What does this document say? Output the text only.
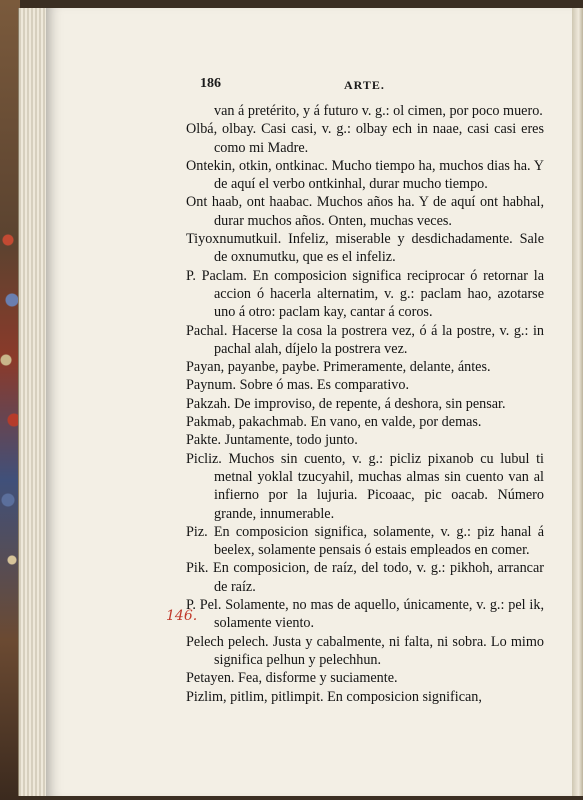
186	ARTE.
146.

van á pretérito, y á futuro v. g.: ol cimen, por poco muero.

Olbá, olbay. Casi casi, v. g.: olbay ech in naae, casi casi eres como mi Madre.

Ontekin, otkin, ontkinac. Mucho tiempo ha, muchos dias ha. Y de aquí el verbo ontkinhal, durar mucho tiempo.

Ont haab, ont haabac. Muchos años ha. Y de aquí ont habhal, durar muchos años. Onten, muchas veces.

Tiyoxnumutkuil. Infeliz, miserable y desdichadamente. Sale de oxnumutku, que es el infeliz.

P. Paclam. En composicion significa reciprocar ó retornar la accion ó hacerla alternatim, v. g.: paclam hao, azotarse uno á otro: paclam kay, cantar á coros.

Pachal. Hacerse la cosa la postrera vez, ó á la postre, v. g.: in pachal alah, díjelo la postrera vez.

Payan, payanbe, paybe. Primeramente, delante, ántes.

Paynum. Sobre ó mas. Es comparativo.

Pakzah. De improviso, de repente, á deshora, sin pensar.

Pakmab, pakachmab. En vano, en valde, por demas.

Pakte. Juntamente, todo junto.

Picliz. Muchos sin cuento, v. g.: picliz pixanob cu lubul ti metnal yoklal tzucyahil, muchas almas sin cuento van al infierno por la lujuria. Picoaac, pic oacab. Número grande, innumerable.

Piz. En composicion significa, solamente, v. g.: piz hanal á beelex, solamente pensais ó estais empleados en comer.

Pik. En composicion, de raíz, del todo, v. g.: pikhoh, arrancar de raíz.

P. Pel. Solamente, no mas de aquello, únicamente, v. g.: pel ik, solamente viento.

Pelech pelech. Justa y cabalmente, ni falta, ni sobra. Lo mimo significa pelhun y pelechhun.

Petayen. Fea, disforme y suciamente.

Pizlim, pitlim, pitlimpit. En composicion significan,
